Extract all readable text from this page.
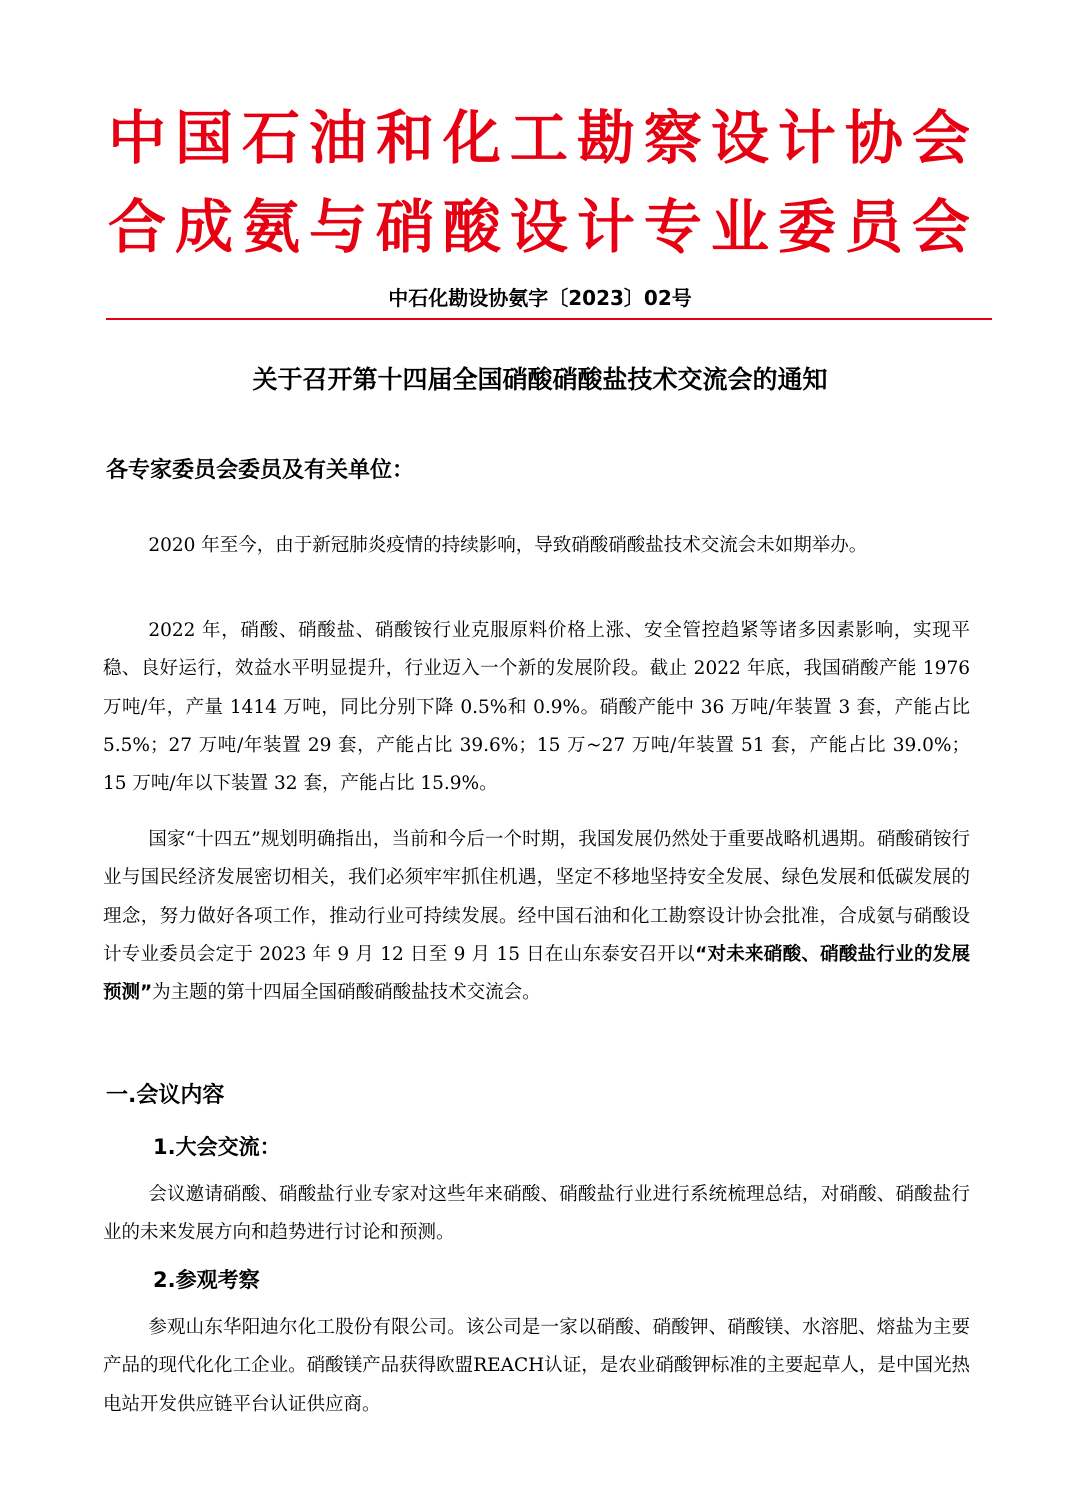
中 国 石 油 和 化 工 勘 察 设 计 协 会
合 成 氨 与 硝 酸 设 计 专 业 委 员 会
中石化勘设协氨字〔2023〕02号
关于召开第十四届全国硝酸硝酸盐技术交流会的通知
各专家委员会委员及有关单位：

2020 年至今，由于新冠肺炎疫情的持续影响，导致硝酸硝酸盐技术交流会未如期举办。

2022 年，硝酸、硝酸盐、硝酸铵行业克服原料价格上涨、安全管控趋紧等诸多因素影响，实现平稳、良好运行，效益水平明显提升，行业迈入一个新的发展阶段。截止 2022 年底，我国硝酸产能 1976 万吨/年，产量 1414 万吨，同比分别下降 0.5%和 0.9%。硝酸产能中 36 万吨/年装置 3 套，产能占比 5.5%；27 万吨/年装置 29 套，产能占比 39.6%；15 万~27 万吨/年装置 51 套，产能占比 39.0%；15 万吨/年以下装置 32 套，产能占比 15.9%。

国家“十四五”规划明确指出，当前和今后一个时期，我国发展仍然处于重要战略机遇期。硝酸硝铵行业与国民经济发展密切相关，我们必须牢牢抓住机遇，坚定不移地坚持安全发展、绿色发展和低碳发展的理念，努力做好各项工作，推动行业可持续发展。经中国石油和化工勘察设计协会批准，合成氨与硝酸设计专业委员会定于 2023 年 9 月 12 日至 9 月 15 日在山东泰安召开以“对未来硝酸、硝酸盐行业的发展预测”为主题的第十四届全国硝酸硝酸盐技术交流会。

一.会议内容
1.大会交流：

会议邀请硝酸、硝酸盐行业专家对这些年来硝酸、硝酸盐行业进行系统梳理总结，对硝酸、硝酸盐行业的未来发展方向和趋势进行讨论和预测。

2.参观考察

参观山东华阳迪尔化工股份有限公司。该公司是一家以硝酸、硝酸钾、硝酸镁、水溶肥、熔盐为主要产品的现代化化工企业。硝酸镁产品获得欧盟REACH认证，是农业硝酸钾标准的主要起草人，是中国光热电站开发供应链平台认证供应商。
